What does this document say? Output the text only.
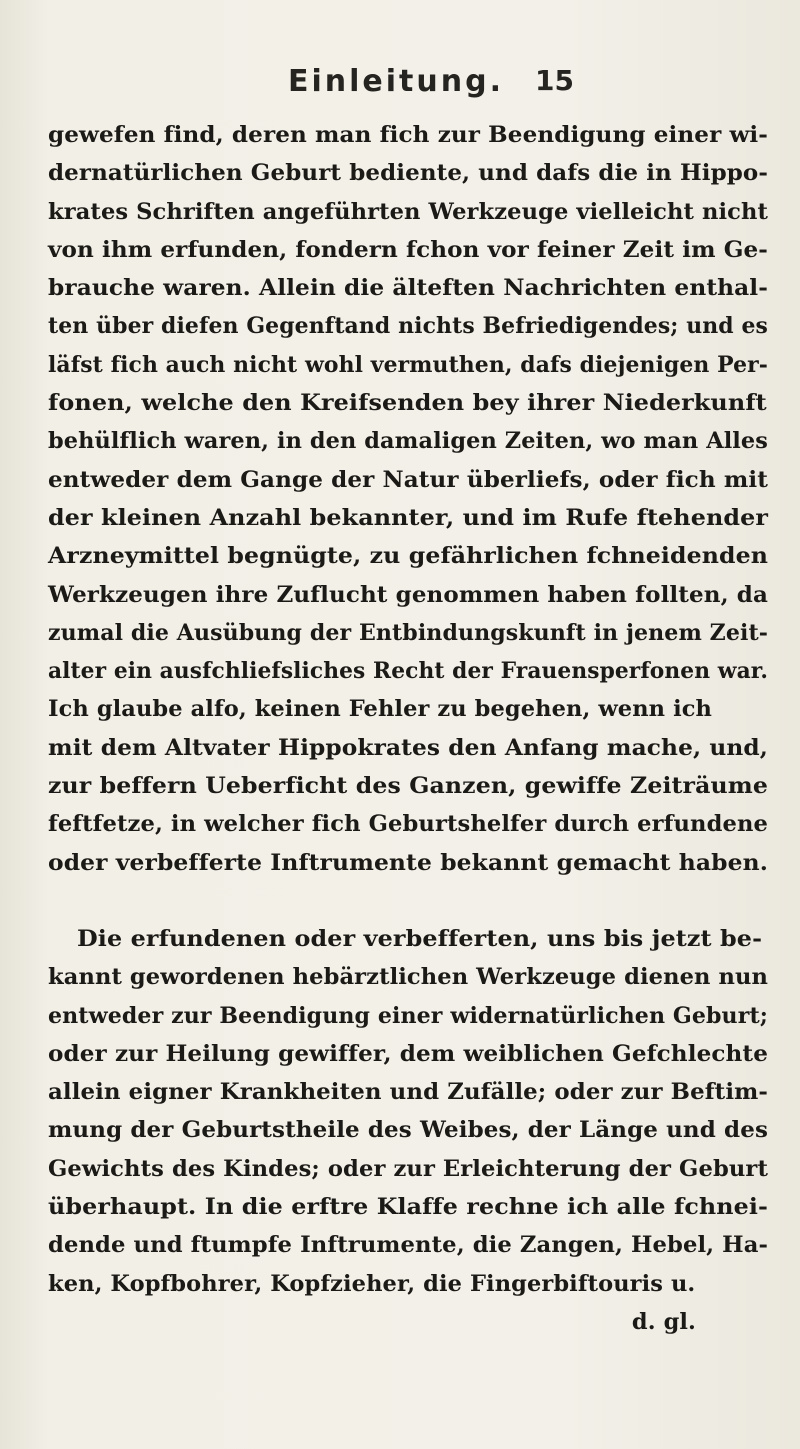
Einleitung. 15
gewefen find, deren man fich zur Beendigung einer wi-
dernatürlichen Geburt bediente, und dafs die in Hippo-
krates Schriften angeführten Werkzeuge vielleicht nicht
von ihm erfunden, fondern fchon vor feiner Zeit im Ge-
brauche waren. Allein die älteften Nachrichten enthal-
ten über diefen Gegenftand nichts Befriedigendes; und es
läfst fich auch nicht wohl vermuthen, dafs diejenigen Per-
fonen, welche den Kreifsenden bey ihrer Niederkunft
behülflich waren, in den damaligen Zeiten, wo man Alles
entweder dem Gange der Natur überliefs, oder fich mit
der kleinen Anzahl bekannter, und im Rufe ftehender
Arzneymittel begnügte, zu gefährlichen fchneidenden
Werkzeugen ihre Zuflucht genommen haben follten, da
zumal die Ausübung der Entbindungskunft in jenem Zeit-
alter ein ausfchliefsliches Recht der Frauensperfonen war.
Ich glaube alfo, keinen Fehler zu begehen, wenn ich
mit dem Altvater Hippokrates den Anfang mache, und,
zur beffern Ueberficht des Ganzen, gewiffe Zeiträume
feftfetze, in welcher fich Geburtshelfer durch erfundene
oder verbefferte Inftrumente bekannt gemacht haben.
Die erfundenen oder verbefferten, uns bis jetzt be-
kannt gewordenen hebärztlichen Werkzeuge dienen nun
entweder zur Beendigung einer widernatürlichen Geburt;
oder zur Heilung gewiffer, dem weiblichen Gefchlechte
allein eigner Krankheiten und Zufälle; oder zur Beftim-
mung der Geburtstheile des Weibes, der Länge und des
Gewichts des Kindes; oder zur Erleichterung der Geburt
überhaupt. In die erftre Klaffe rechne ich alle fchnei-
dende und ftumpfe Inftrumente, die Zangen, Hebel, Ha-
ken, Kopfbohrer, Kopfzieher, die Fingerbiftouris u.
d. gl.
